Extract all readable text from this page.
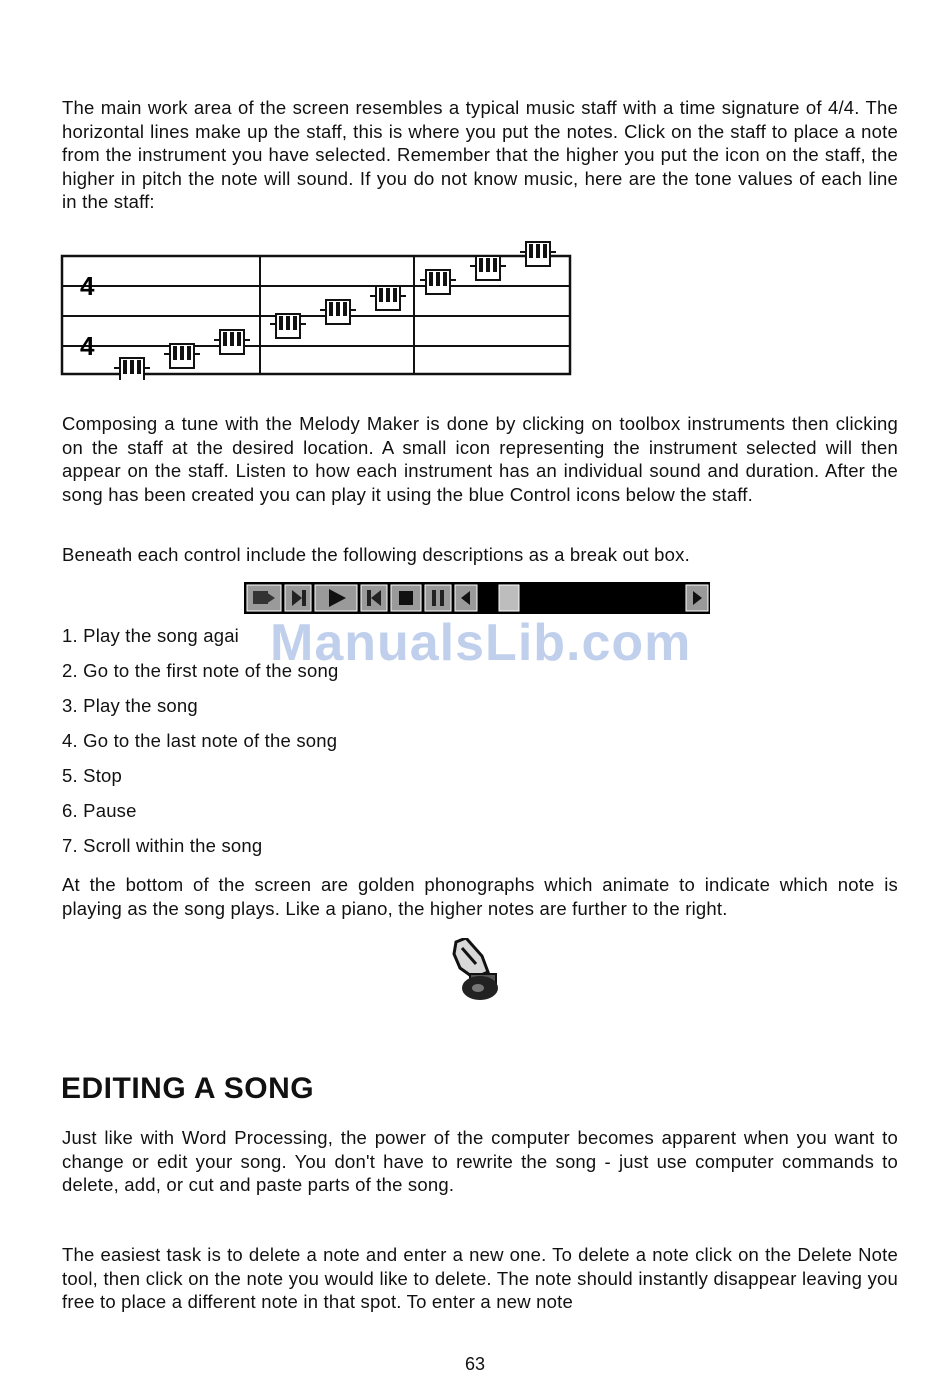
The main work area of the screen resembles a typical music staff with a time signature of 4/4. The horizontal lines make up the staff, this is where you put the notes. Click on the staff to place a note from the instrument you have selected. Remember that the higher you put the icon on the staff, the higher in pitch the note will sound. If you do not know music, here are the tone values of each line in the staff:

4
4

Composing a tune with the Melody Maker is done by clicking on toolbox instruments then clicking on the staff at the desired location. A small icon representing the instrument selected will then appear on the staff. Listen to how each instrument has an individual sound and duration. After the song has been created you can play it using the blue Control icons below the staff.

Beneath each control include the following descriptions as a break out box.

ManualsLib.com
1. Play the song agai
2. Go to the first note of the song
3. Play the song
4. Go to the last note of the song
5. Stop
6. Pause
7. Scroll within the song

At the bottom of the screen are golden phonographs which animate to indicate which note is playing as the song plays. Like a piano, the higher notes are further to the right.

EDITING A SONG

Just like with Word Processing, the power of the computer becomes apparent when you want to change or edit your song. You don't have to rewrite the song - just use computer commands to delete, add, or cut and paste parts of the song.

The easiest task is to delete a note and enter a new one. To delete a note click on the Delete Note tool, then click on the note you would like to delete. The note should instantly disappear leaving you free to place a different note in that spot. To enter a new note

63
